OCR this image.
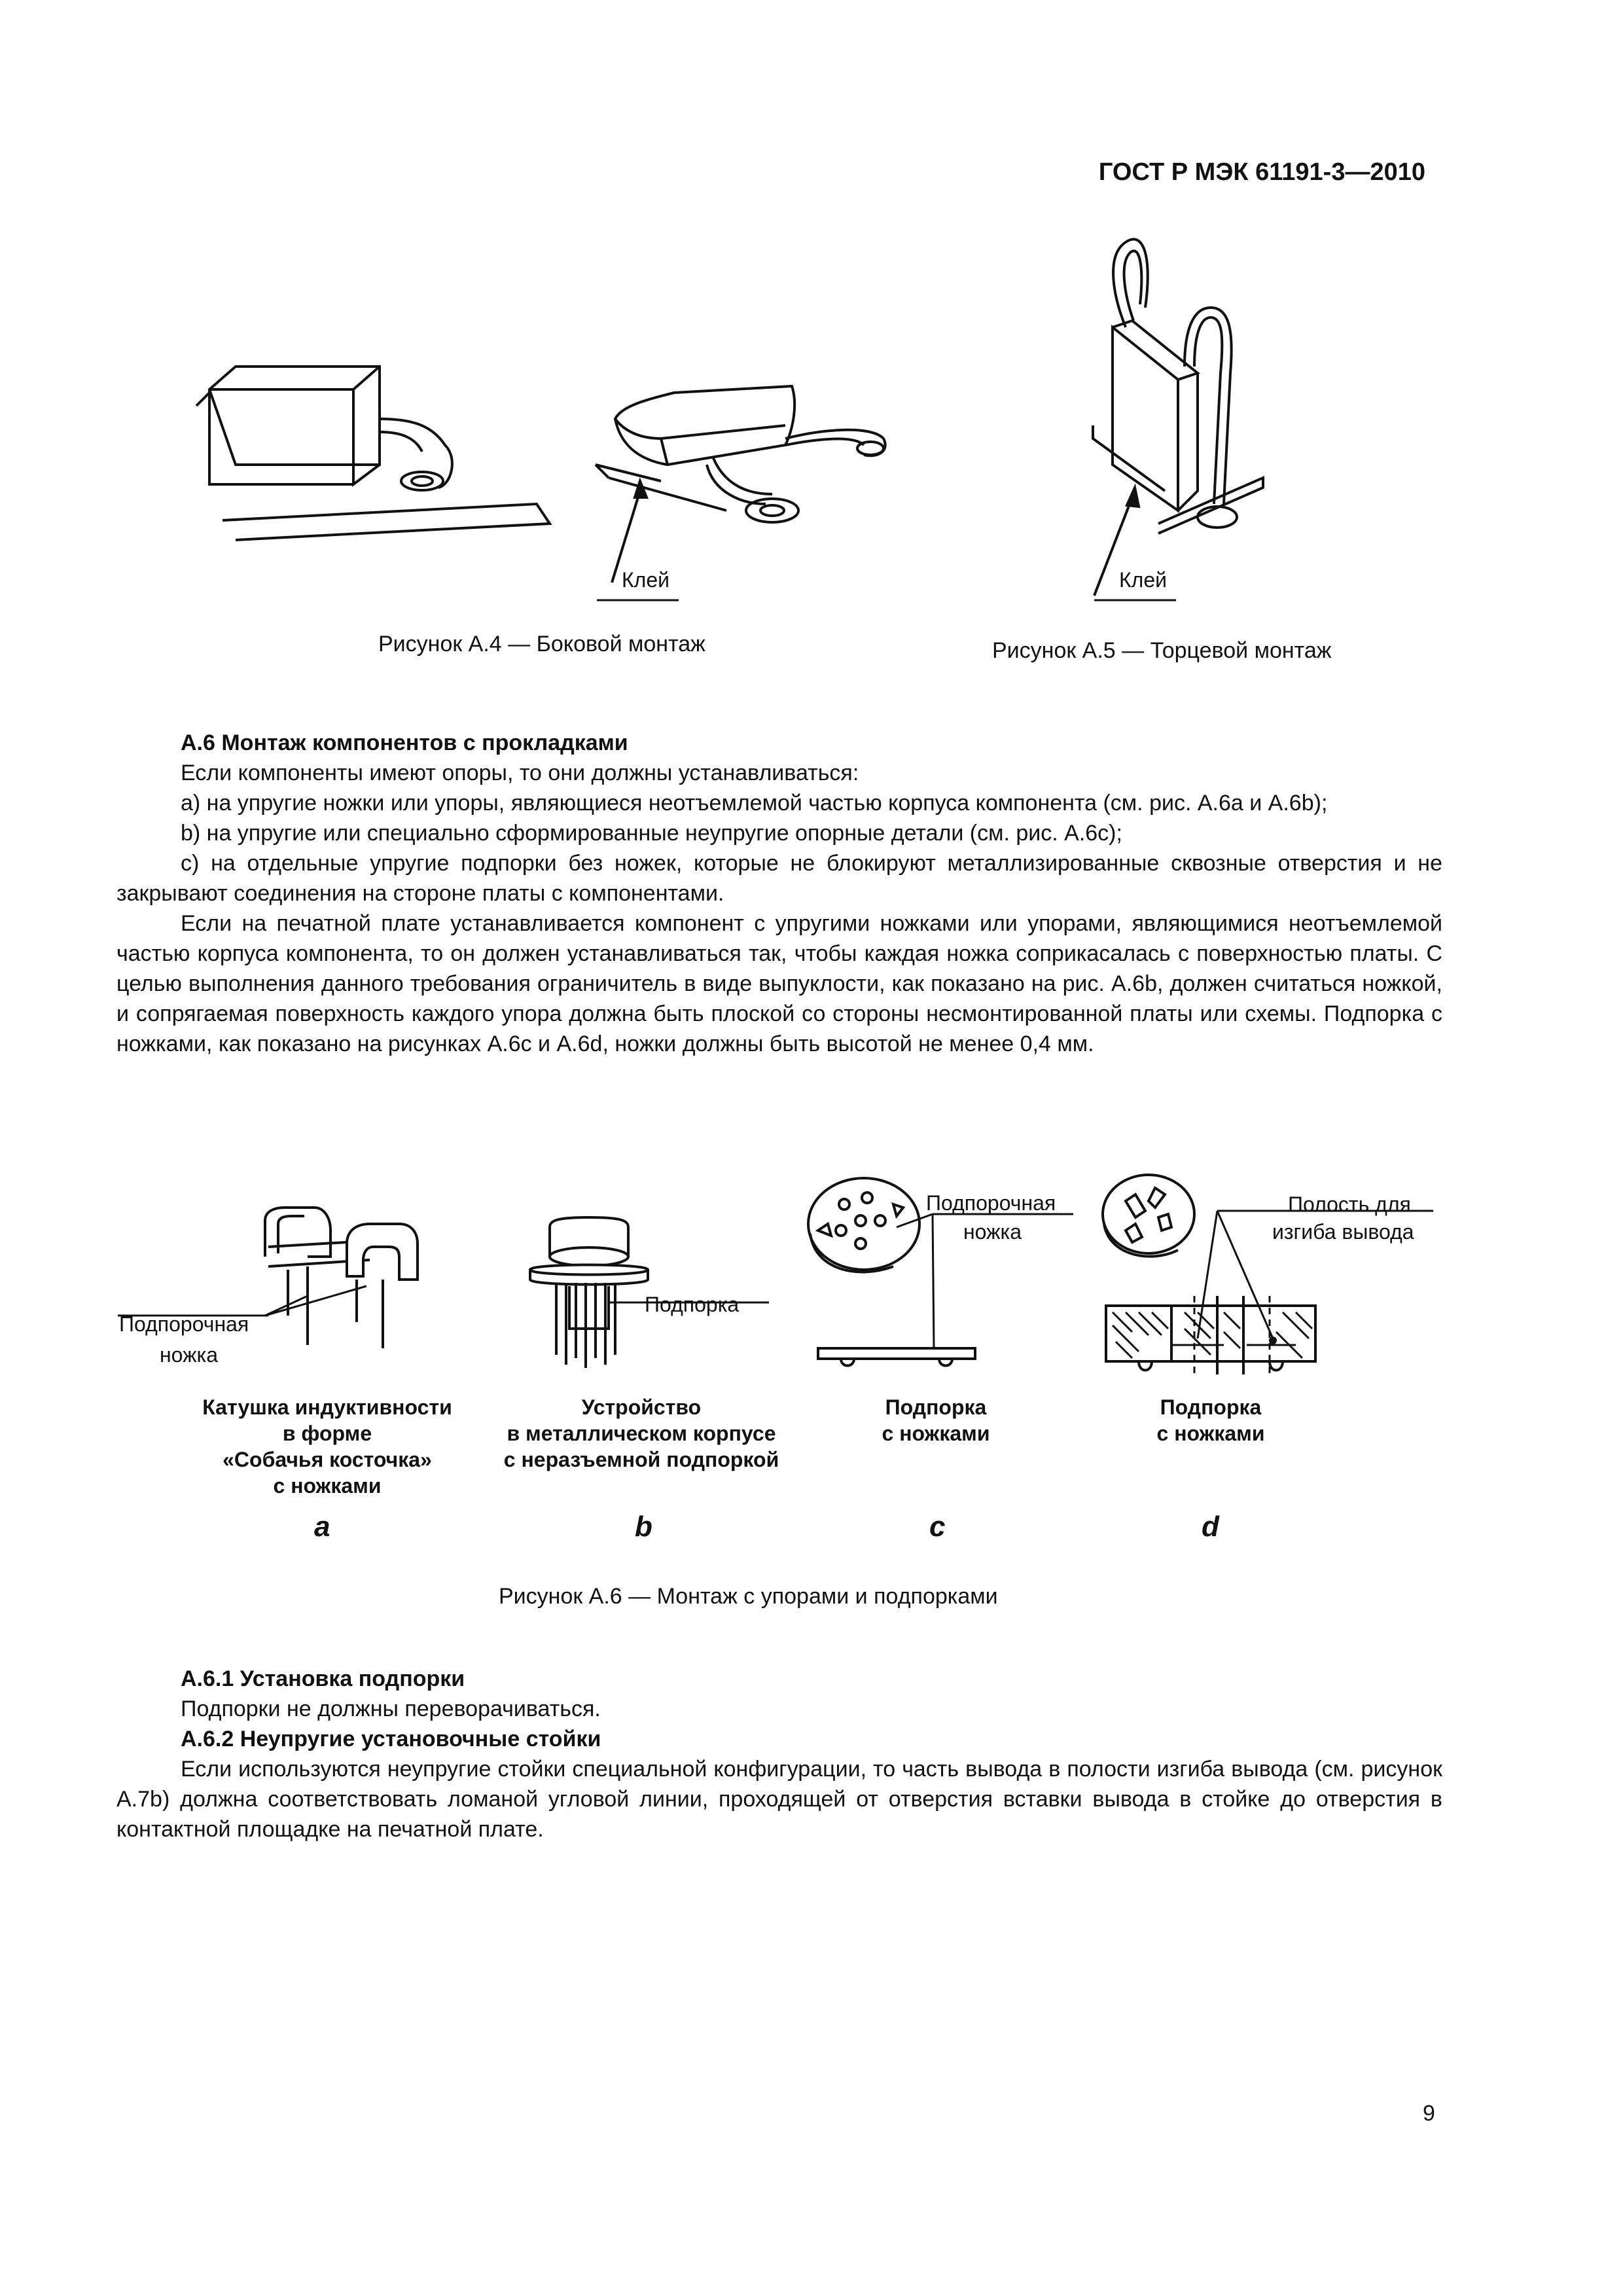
ГОСТ Р МЭК 61191-3—2010
Клей	Клей
Рисунок А.4 — Боковой монтаж	Рисунок А.5 — Торцевой монтаж

А.6 Монтаж компонентов с прокладками

Если компоненты имеют опоры, то они должны устанавливаться:

a) на упругие ножки или упоры, являющиеся неотъемлемой частью корпуса компонента (см. рис. А.6а и А.6b);

b) на упругие или специально сформированные неупругие опорные детали (см. рис. А.6с);

с) на отдельные упругие подпорки без ножек, которые не блокируют металлизированные сквозные отверстия и не закрывают соединения на стороне платы с компонентами.

Если на печатной плате устанавливается компонент с упругими ножками или упорами, являющимися неотъемлемой частью корпуса компонента, то он должен устанавливаться так, чтобы каждая ножка соприкасалась с поверхностью платы. С целью выполнения данного требования ограничитель в виде выпуклости, как показано на рис. А.6b, должен считаться ножкой, и сопрягаемая поверхность каждого упора должна быть плоской со стороны несмонтированной платы или схемы. Подпорка с ножками, как показано на рисунках А.6с и А.6d, ножки должны быть высотой не менее 0,4 мм.

Подпорочная
ножка
Подпорка
Подпорочная
ножка
Полость для
изгиба вывода
Катушка индуктивности
в форме
«Собачья косточка»
с ножками
Устройство
в металлическом корпусе
с неразъемной подпоркой
Подпорка
с ножками
Подпорка
с ножками
a	b	c	d
Рисунок А.6 — Монтаж с упорами и подпорками

А.6.1 Установка подпорки

Подпорки не должны переворачиваться.

А.6.2 Неупругие установочные стойки

Если используются неупругие стойки специальной конфигурации, то часть вывода в полости изгиба вывода (см. рисунок А.7b) должна соответствовать ломаной угловой линии, проходящей от отверстия вставки вывода в стойке до отверстия в контактной площадке на печатной плате.

9
